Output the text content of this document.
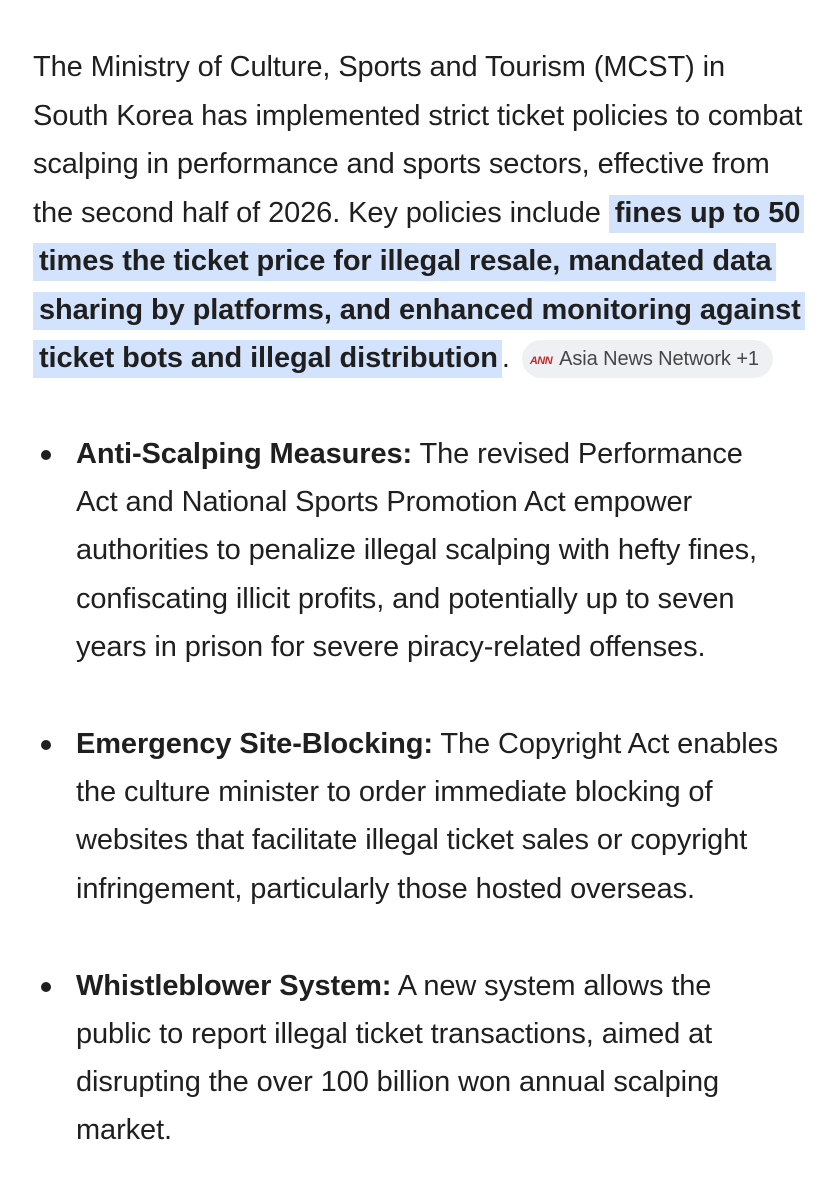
The Ministry of Culture, Sports and Tourism (MCST) in South Korea has implemented strict ticket policies to combat scalping in performance and sports sectors, effective from the second half of 2026. Key policies include fines up to 50 times the ticket price for illegal resale, mandated data sharing by platforms, and enhanced monitoring against ticket bots and illegal distribution . ANN Asia News Network +1

Anti-Scalping Measures: The revised Performance Act and National Sports Promotion Act empower authorities to penalize illegal scalping with hefty fines, confiscating illicit profits, and potentially up to seven years in prison for severe piracy-related offenses.
Emergency Site-Blocking: The Copyright Act enables the culture minister to order immediate blocking of websites that facilitate illegal ticket sales or copyright infringement, particularly those hosted overseas.
Whistleblower System: A new system allows the public to report illegal ticket transactions, aimed at disrupting the over 100 billion won annual scalping market.
